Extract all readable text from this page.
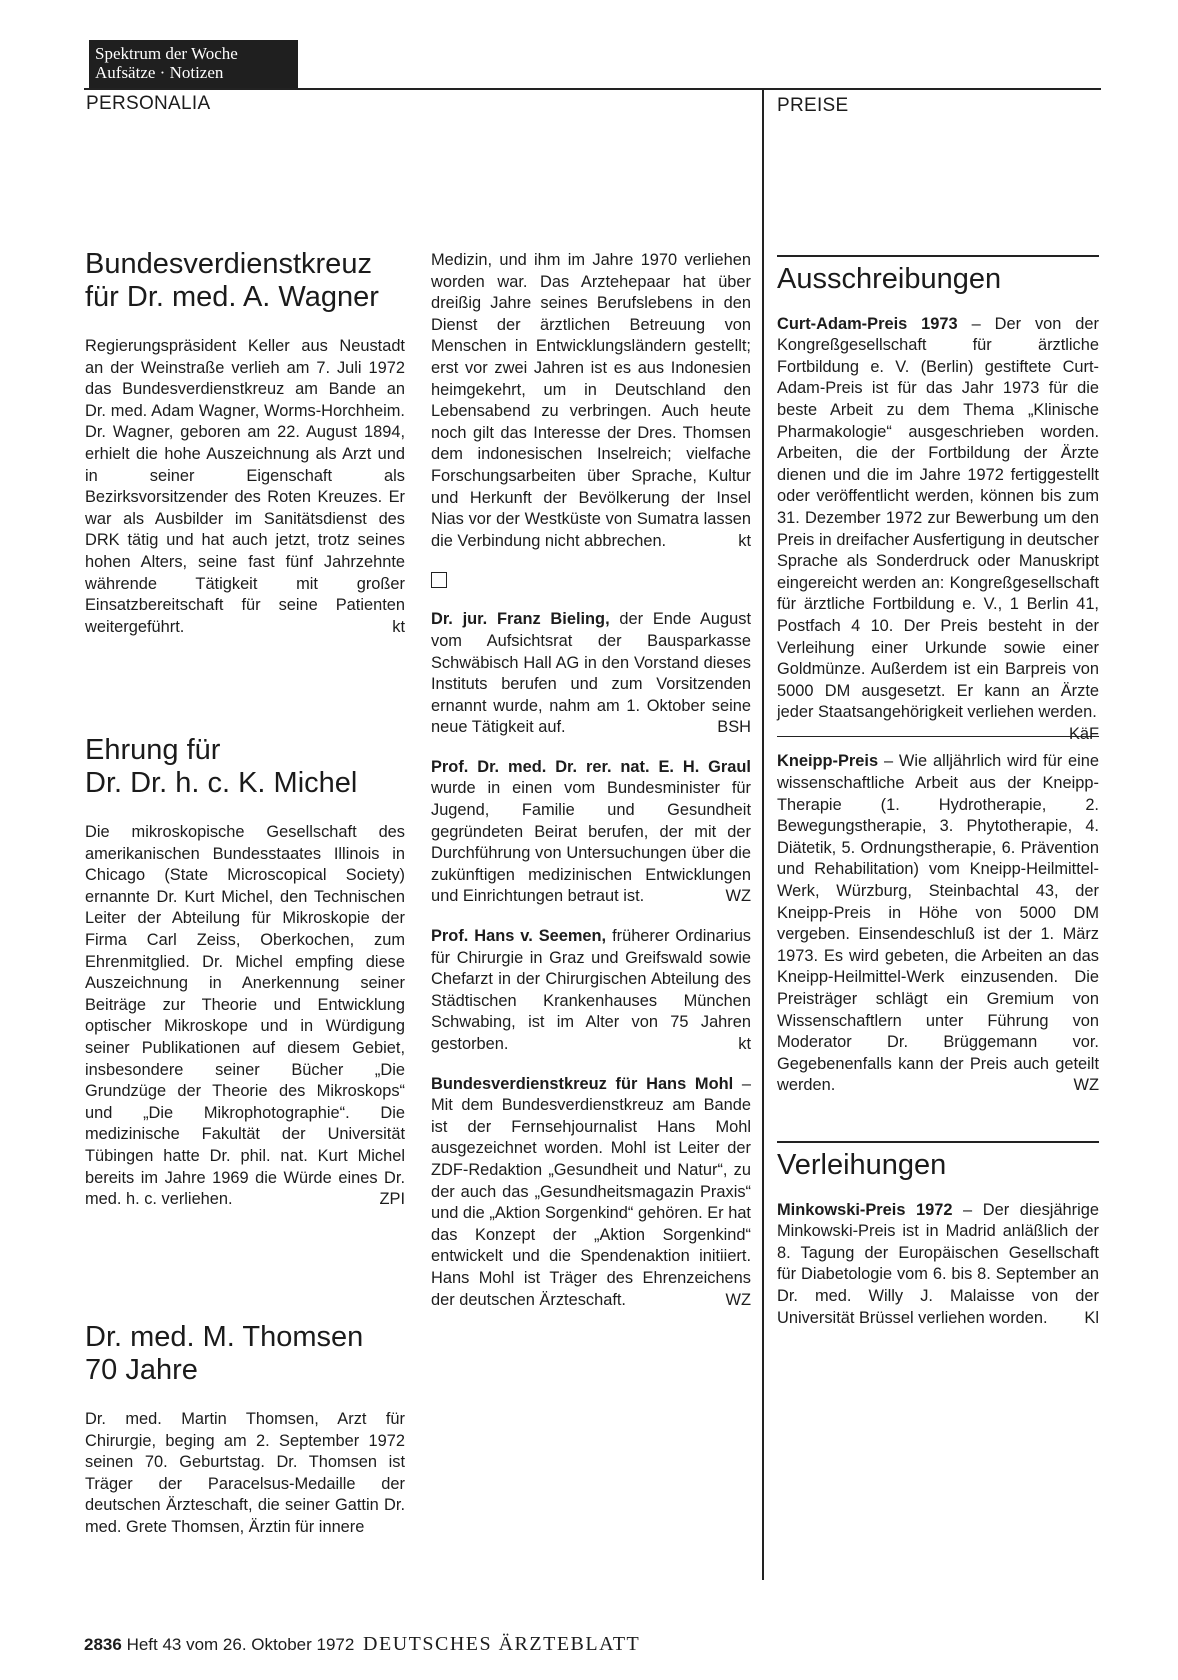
Spektrum der Woche
Aufsätze · Notizen
PERSONALIA	PREISE
Bundesverdienstkreuz
für Dr. med. A. Wagner

Regierungspräsident Keller aus Neustadt an der Weinstraße verlieh am 7. Juli 1972 das Bundesverdienstkreuz am Bande an Dr. med. Adam Wagner, Worms-Horchheim. Dr. Wagner, geboren am 22. August 1894, erhielt die hohe Auszeichnung als Arzt und in seiner Eigenschaft als Bezirksvorsitzender des Roten Kreuzes. Er war als Ausbilder im Sanitätsdienst des DRK tätig und hat auch jetzt, trotz seines hohen Alters, seine fast fünf Jahrzehnte währende Tätigkeit mit großer Einsatzbereitschaft für seine Patienten weitergeführt.	kt

Ehrung für
Dr. Dr. h. c. K. Michel

Die mikroskopische Gesellschaft des amerikanischen Bundesstaates Illinois in Chicago (State Microscopical Society) ernannte Dr. Kurt Michel, den Technischen Leiter der Abteilung für Mikroskopie der Firma Carl Zeiss, Oberkochen, zum Ehrenmitglied. Dr. Michel empfing diese Auszeichnung in Anerkennung seiner Beiträge zur Theorie und Entwicklung optischer Mikroskope und in Würdigung seiner Publikationen auf diesem Gebiet, insbesondere seiner Bücher „Die Grundzüge der Theorie des Mikroskops“ und „Die Mikrophotographie“. Die medizinische Fakultät der Universität Tübingen hatte Dr. phil. nat. Kurt Michel bereits im Jahre 1969 die Würde eines Dr. med. h. c. verliehen.	ZPI

Dr. med. M. Thomsen
70 Jahre

Dr. med. Martin Thomsen, Arzt für Chirurgie, beging am 2. September 1972 seinen 70. Geburtstag. Dr. Thomsen ist Träger der Paracelsus-Medaille der deutschen Ärzteschaft, die seiner Gattin Dr. med. Grete Thomsen, Ärztin für innere

Medizin, und ihm im Jahre 1970 verliehen worden war. Das Arztehepaar hat über dreißig Jahre seines Berufslebens in den Dienst der ärztlichen Betreuung von Menschen in Entwicklungsländern gestellt; erst vor zwei Jahren ist es aus Indonesien heimgekehrt, um in Deutschland den Lebensabend zu verbringen. Auch heute noch gilt das Interesse der Dres. Thomsen dem indonesischen Inselreich; vielfache Forschungsarbeiten über Sprache, Kultur und Herkunft der Bevölkerung der Insel Nias vor der Westküste von Sumatra lassen die Verbindung nicht abbrechen.	kt

Dr. jur. Franz Bieling, der Ende August vom Aufsichtsrat der Bausparkasse Schwäbisch Hall AG in den Vorstand dieses Instituts berufen und zum Vorsitzenden ernannt wurde, nahm am 1. Oktober seine neue Tätigkeit auf.	BSH

Prof. Dr. med. Dr. rer. nat. E. H. Graul wurde in einen vom Bundesminister für Jugend, Familie und Gesundheit gegründeten Beirat berufen, der mit der Durchführung von Untersuchungen über die zukünftigen medizinischen Entwicklungen und Einrichtungen betraut ist.	WZ

Prof. Hans v. Seemen, früherer Ordinarius für Chirurgie in Graz und Greifswald sowie Chefarzt in der Chirurgischen Abteilung des Städtischen Krankenhauses München Schwabing, ist im Alter von 75 Jahren gestorben.	kt

Bundesverdienstkreuz für Hans Mohl – Mit dem Bundesverdienstkreuz am Bande ist der Fernsehjournalist Hans Mohl ausgezeichnet worden. Mohl ist Leiter der ZDF-Redaktion „Gesundheit und Natur“, zu der auch das „Gesundheitsmagazin Praxis“ und die „Aktion Sorgenkind“ gehören. Er hat das Konzept der „Aktion Sorgenkind“ entwickelt und die Spendenaktion initiiert. Hans Mohl ist Träger des Ehrenzeichens der deutschen Ärzteschaft.	WZ

Ausschreibungen

Curt-Adam-Preis 1973 – Der von der Kongreßgesellschaft für ärztliche Fortbildung e. V. (Berlin) gestiftete Curt-Adam-Preis ist für das Jahr 1973 für die beste Arbeit zu dem Thema „Klinische Pharmakologie“ ausgeschrieben worden. Arbeiten, die der Fortbildung der Ärzte dienen und die im Jahre 1972 fertiggestellt oder veröffentlicht werden, können bis zum 31. Dezember 1972 zur Bewerbung um den Preis in dreifacher Ausfertigung in deutscher Sprache als Sonderdruck oder Manuskript eingereicht werden an: Kongreßgesellschaft für ärztliche Fortbildung e. V., 1 Berlin 41, Postfach 4 10. Der Preis besteht in der Verleihung einer Urkunde sowie einer Goldmünze. Außerdem ist ein Barpreis von 5000 DM ausgesetzt. Er kann an Ärzte jeder Staatsangehörigkeit verliehen werden.
KäF

Kneipp-Preis – Wie alljährlich wird für eine wissenschaftliche Arbeit aus der Kneipp-Therapie (1. Hydrotherapie, 2. Bewegungstherapie, 3. Phytotherapie, 4. Diätetik, 5. Ordnungstherapie, 6. Prävention und Rehabilitation) vom Kneipp-Heilmittel-Werk, Würzburg, Steinbachtal 43, der Kneipp-Preis in Höhe von 5000 DM vergeben. Einsendeschluß ist der 1. März 1973. Es wird gebeten, die Arbeiten an das Kneipp-Heilmittel-Werk einzusenden. Die Preisträger schlägt ein Gremium von Wissenschaftlern unter Führung von Moderator Dr. Brüggemann vor. Gegebenenfalls kann der Preis auch geteilt werden.	WZ

Verleihungen

Minkowski-Preis 1972 – Der diesjährige Minkowski-Preis ist in Madrid anläßlich der 8. Tagung der Europäischen Gesellschaft für Diabetologie vom 6. bis 8. September an Dr. med. Willy J. Malaisse von der Universität Brüssel verliehen worden. Kl

2836 Heft 43 vom 26. Oktober 1972 DEUTSCHES ÄRZTEBLATT
